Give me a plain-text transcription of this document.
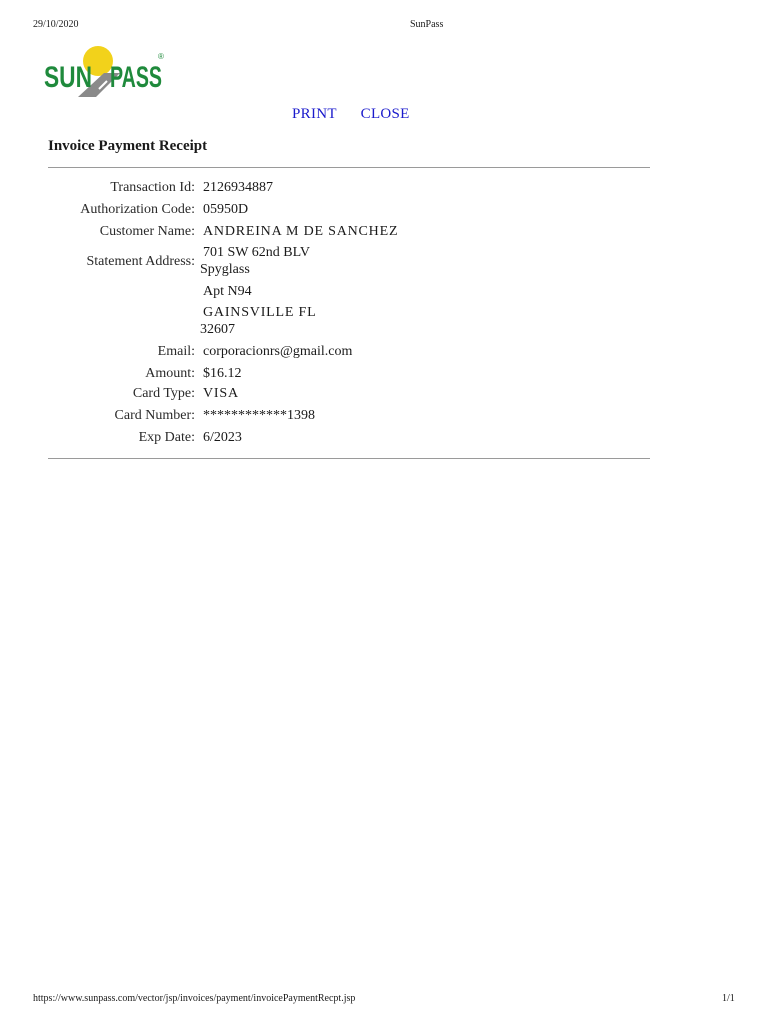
29/10/2020	SunPass
SUN PASS
®
PRINT CLOSE
Invoice Payment Receipt
Transaction Id: 2126934887
Authorization Code: 05950D
Customer Name: ANDREINA M DE SANCHEZ
Statement Address:
701 SW 62nd BLV
Spyglass
Apt N94
GAINSVILLE FL
32607
Email: corporacionrs@gmail.com
Amount: $16.12
Card Type: VISA
Card Number: ************1398
Exp Date: 6/2023
https://www.sunpass.com/vector/jsp/invoices/payment/invoicePaymentRecpt.jsp	1/1
